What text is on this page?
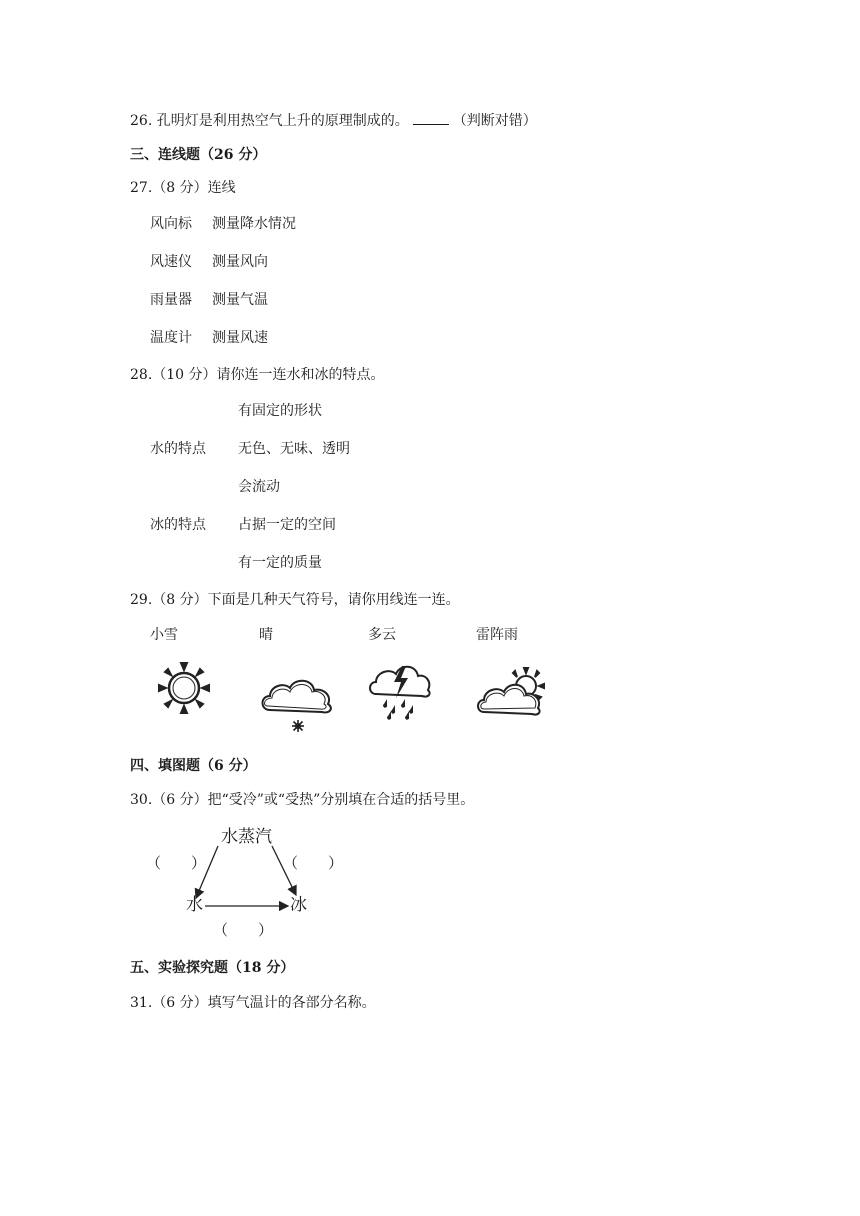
26. 孔明灯是利用热空气上升的原理制成的。	（判断对错）
三、连线题（26 分）
27.（8 分）连线
风向标 测量降水情况
风速仪 测量风向
雨量器 测量气温
温度计 测量风速
28.（10 分）请你连一连水和冰的特点。
有固定的形状
水的特点 无色、无味、透明
会流动
冰的特点 占据一定的空间
有一定的质量
29.（8 分）下面是几种天气符号，请你用线连一连。
小雪	晴	多云	雷阵雨
四、填图题（6 分）
30.（6 分）把“受冷”或“受热”分别填在合适的括号里。
水蒸汽
水	冰
（　　）	（　　）
（　　）
五、实验探究题（18 分）
31.（6 分）填写气温计的各部分名称。
